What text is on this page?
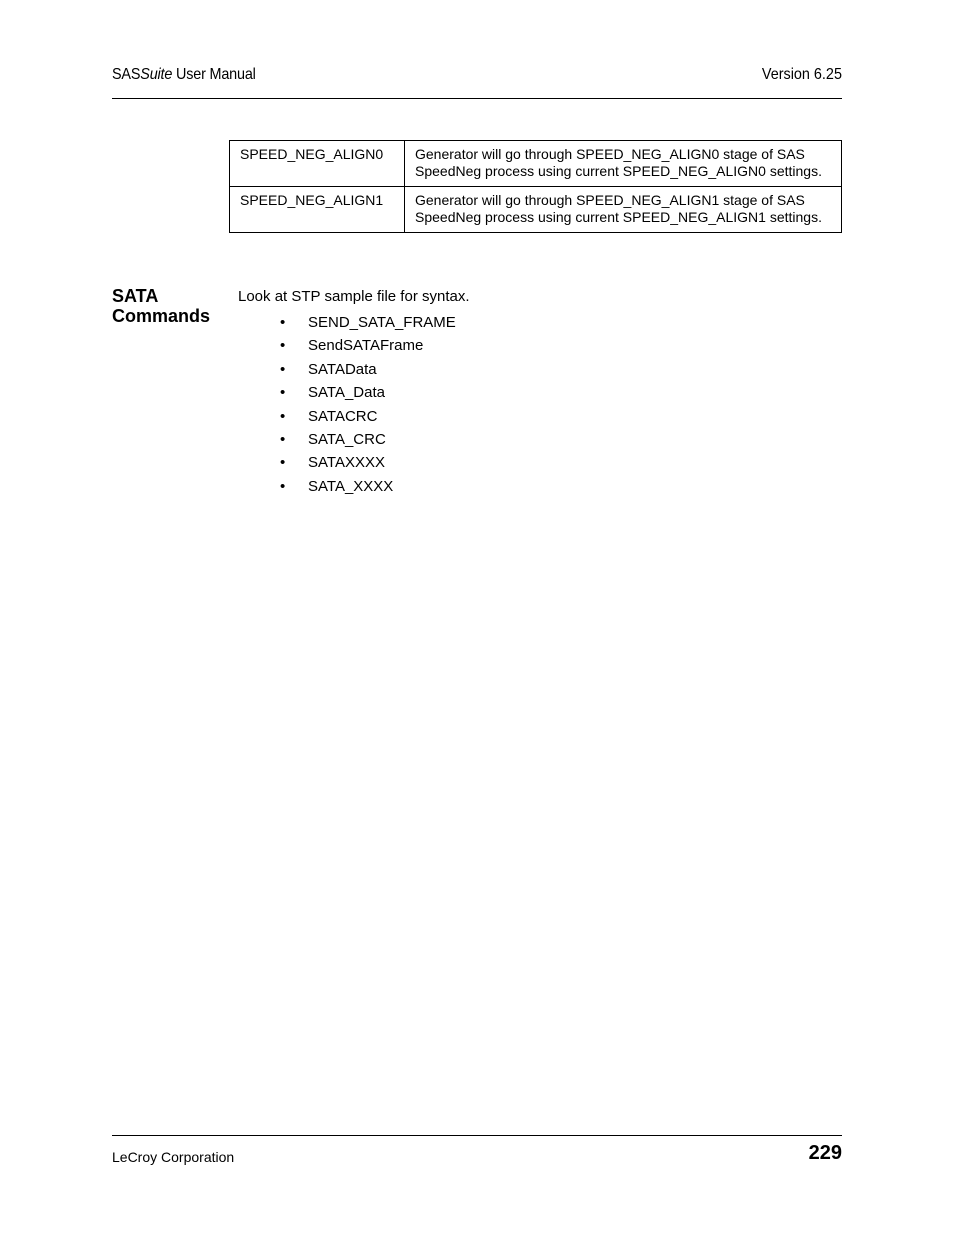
SASSuite User Manual	Version 6.25
SPEED_NEG_ALIGN0	Generator will go through SPEED_NEG_ALIGN0 stage of SAS SpeedNeg process using current SPEED_NEG_ALIGN0 settings.
SPEED_NEG_ALIGN1	Generator will go through SPEED_NEG_ALIGN1 stage of SAS SpeedNeg process using current SPEED_NEG_ALIGN1 settings.
SATA
Commands
Look at STP sample file for syntax.
• SEND_SATA_FRAME
• SendSATAFrame
• SATAData
• SATA_Data
• SATACRC
• SATA_CRC
• SATAXXXX
• SATA_XXXX
LeCroy Corporation	229
